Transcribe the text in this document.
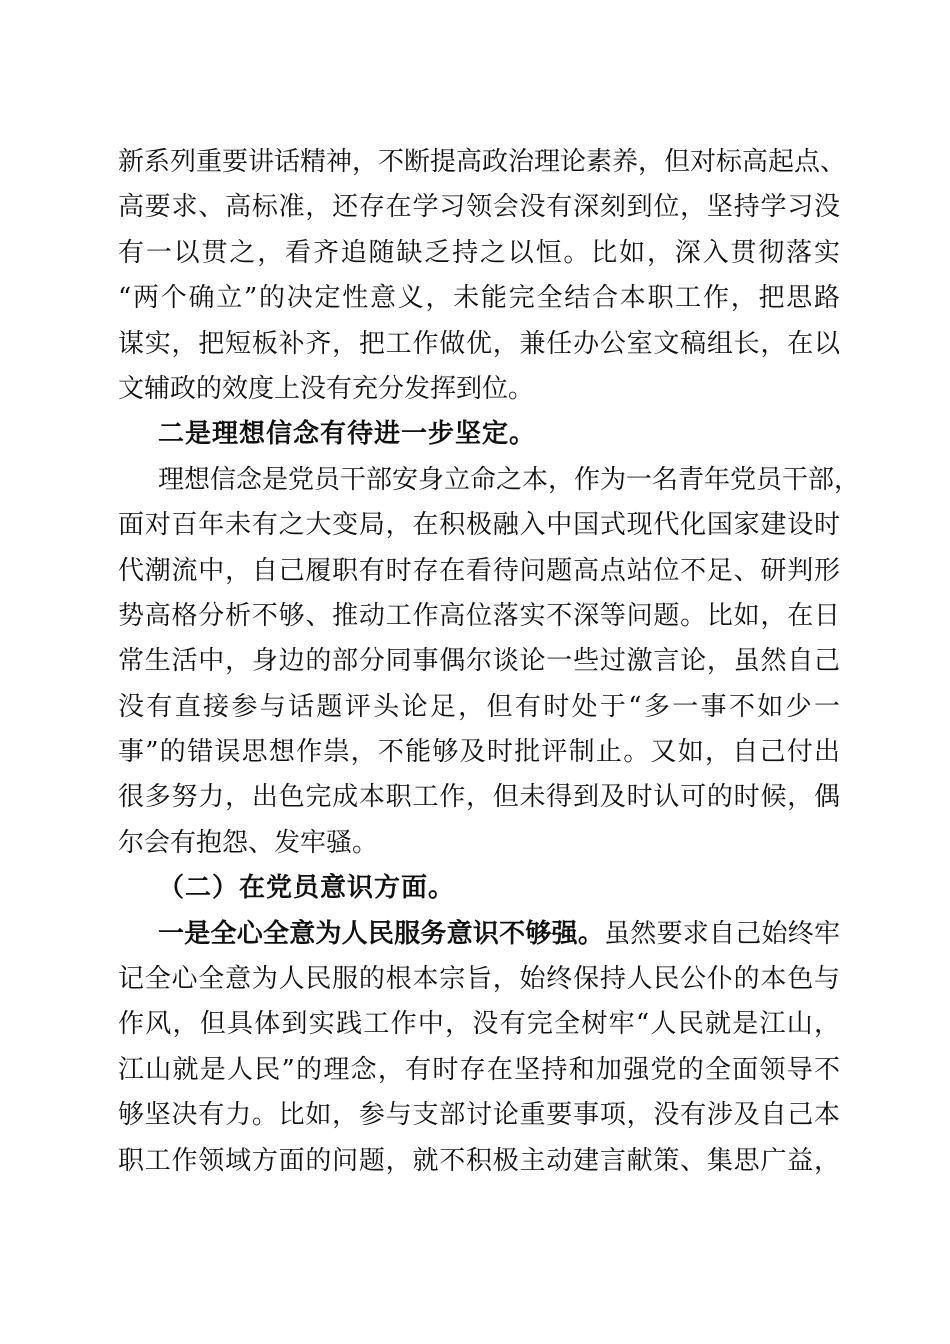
新系列重要讲话精神，不断提高政治理论素养，但对标高起点、
高要求、高标准，还存在学习领会没有深刻到位，坚持学习没
有一以贯之，看齐追随缺乏持之以恒。比如，深入贯彻落实
“两个确立”的决定性意义，未能完全结合本职工作，把思路
谋实，把短板补齐，把工作做优，兼任办公室文稿组长，在以
文辅政的效度上没有充分发挥到位。
二是理想信念有待进一步坚定。
理想信念是党员干部安身立命之本，作为一名青年党员干部，
面对百年未有之大变局，在积极融入中国式现代化国家建设时
代潮流中，自己履职有时存在看待问题高点站位不足、研判形
势高格分析不够、推动工作高位落实不深等问题。比如，在日
常生活中，身边的部分同事偶尔谈论一些过激言论，虽然自己
没有直接参与话题评头论足，但有时处于“多一事不如少一
事”的错误思想作祟，不能够及时批评制止。又如，自己付出
很多努力，出色完成本职工作，但未得到及时认可的时候，偶
尔会有抱怨、发牢骚。
（二）在党员意识方面。
一是全心全意为人民服务意识不够强。虽然要求自己始终牢
记全心全意为人民服的根本宗旨，始终保持人民公仆的本色与
作风，但具体到实践工作中，没有完全树牢“人民就是江山，
江山就是人民”的理念，有时存在坚持和加强党的全面领导不
够坚决有力。比如，参与支部讨论重要事项，没有涉及自己本
职工作领域方面的问题，就不积极主动建言献策、集思广益，
